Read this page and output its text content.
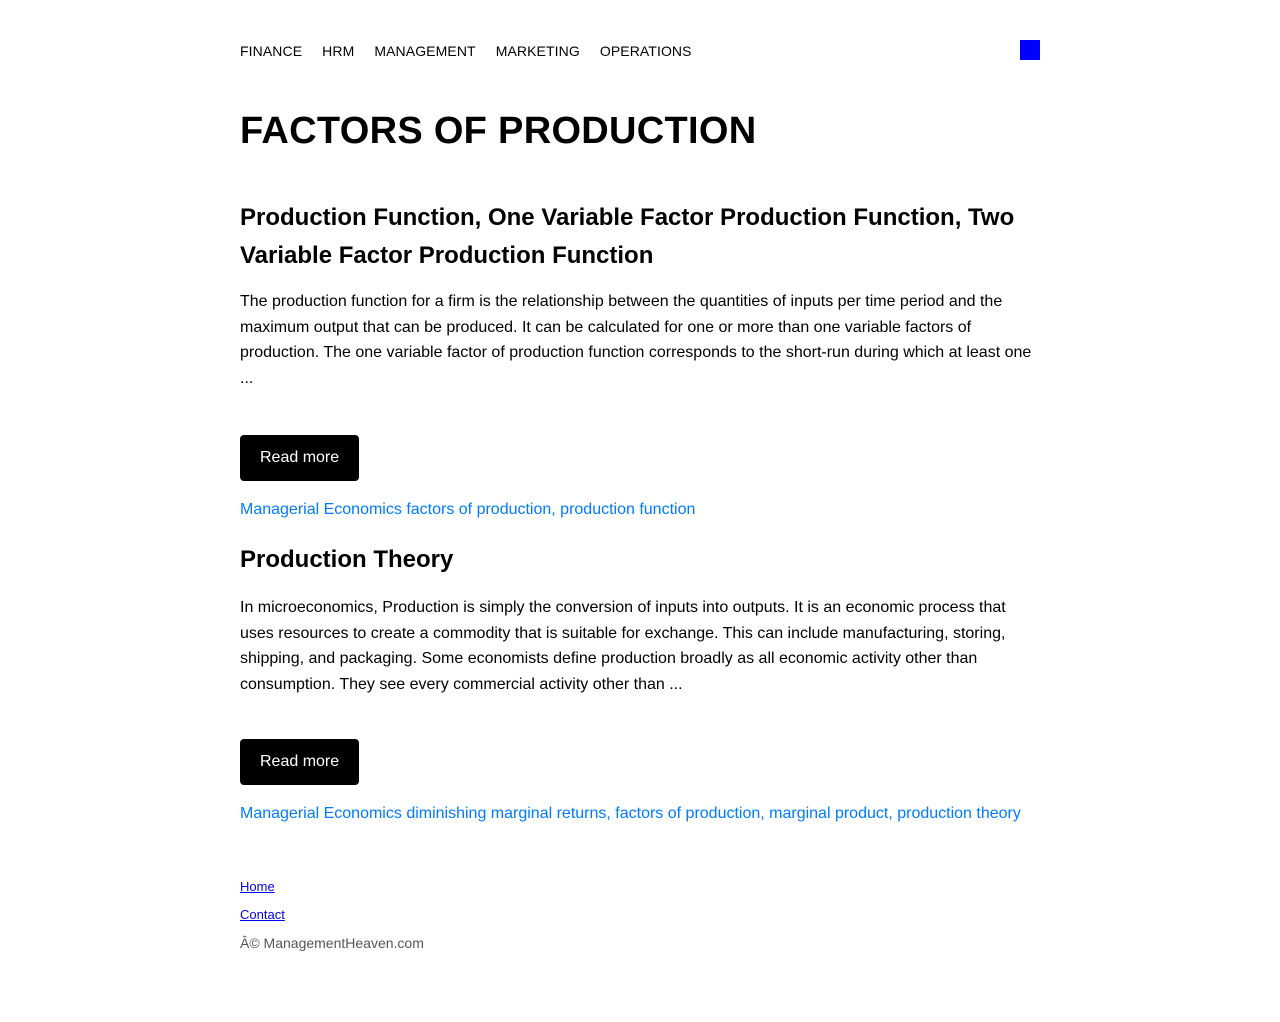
FINANCE HRM MANAGEMENT MARKETING OPERATIONS
FACTORS OF PRODUCTION
Production Function, One Variable Factor Production Function, Two Variable Factor Production Function

The production function for a firm is the relationship between the quantities of inputs per time period and the maximum output that can be produced. It can be calculated for one or more than one variable factors of production. The one variable factor of production function corresponds to the short-run during which at least one ...

Read more
Managerial Economics factors of production, production function
Production Theory

In microeconomics, Production is simply the conversion of inputs into outputs. It is an economic process that uses resources to create a commodity that is suitable for exchange. This can include manufacturing, storing, shipping, and packaging. Some economists define production broadly as all economic activity other than consumption. They see every commercial activity other than ...

Read more
Managerial Economics diminishing marginal returns, factors of production, marginal product, production theory
Home
Contact
Â© ManagementHeaven.com
